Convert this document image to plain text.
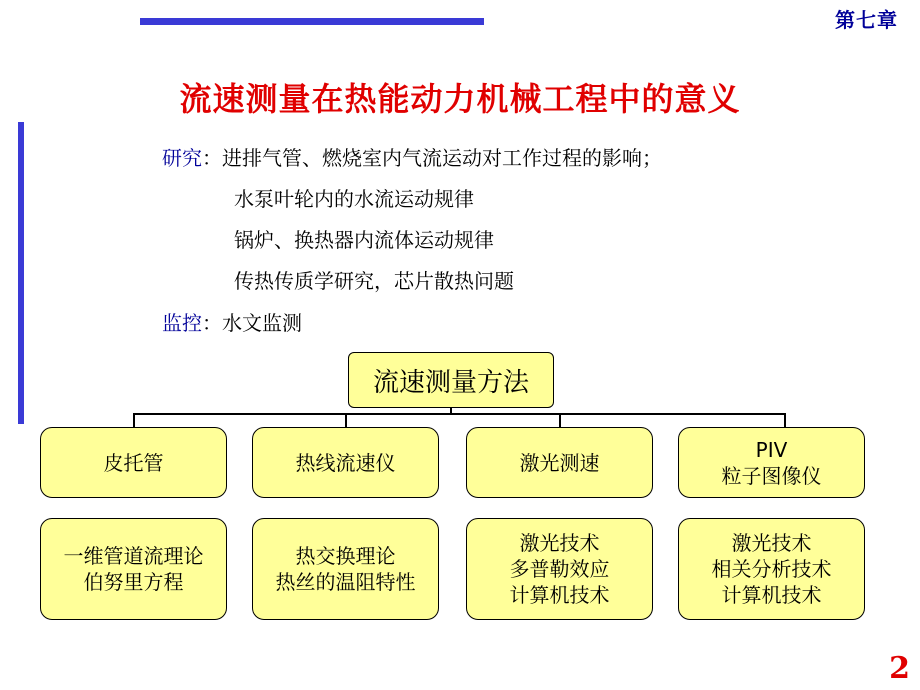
第七章
流速测量在热能动力机械工程中的意义
研究：进排气管、燃烧室内气流运动对工作过程的影响；
水泵叶轮内的水流运动规律
锅炉、换热器内流体运动规律
传热传质学研究，芯片散热问题
监控：水文监测
流速测量方法
皮托管	热线流速仪	激光测速
PIV
粒子图像仪
一维管道流理论
伯努里方程
热交换理论
热丝的温阻特性
激光技术
多普勒效应
计算机技术
激光技术
相关分析技术
计算机技术
2
